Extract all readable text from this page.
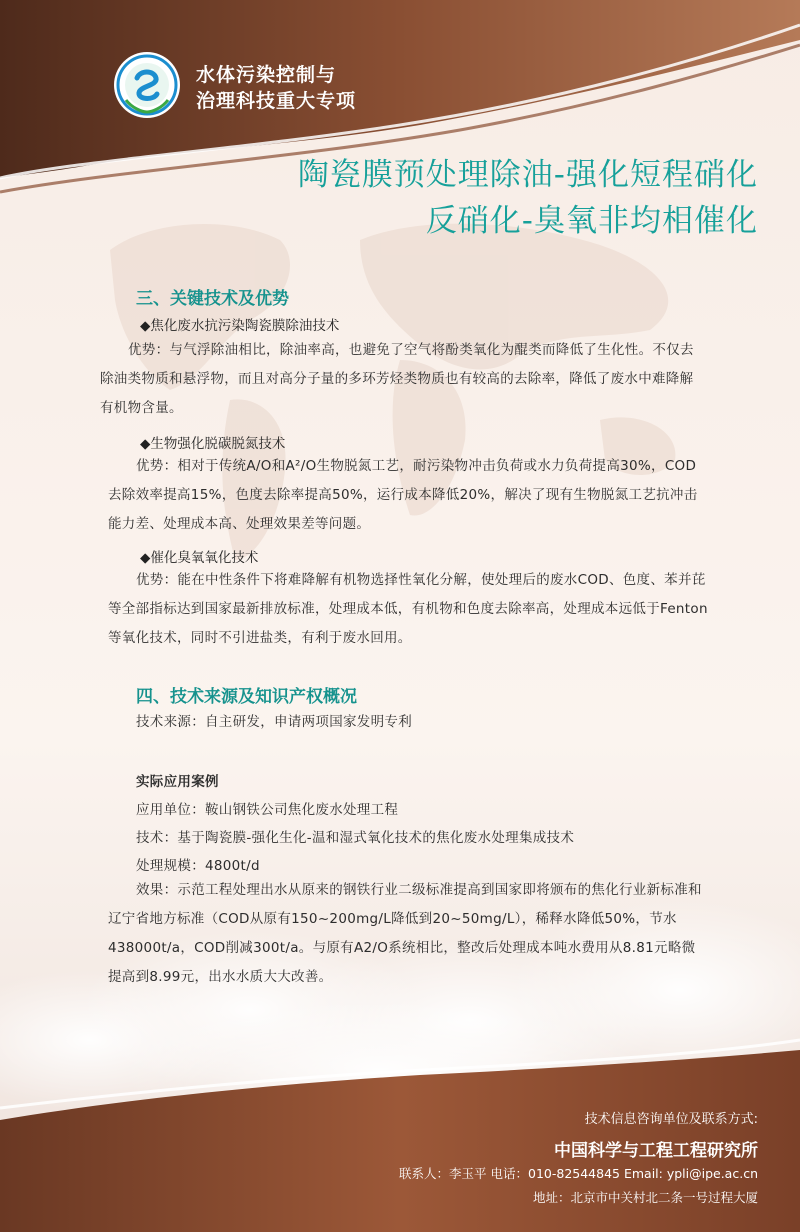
水体污染控制与
治理科技重大专项
陶瓷膜预处理除油-强化短程硝化
反硝化-臭氧非均相催化
三、关键技术及优势
◆焦化废水抗污染陶瓷膜除油技术
优势：与气浮除油相比，除油率高，也避免了空气将酚类氧化为醌类而降低了生化性。不仅去除油类物质和悬浮物，而且对高分子量的多环芳烃类物质也有较高的去除率，降低了废水中难降解有机物含量。
◆生物强化脱碳脱氮技术
优势：相对于传统A/O和A²/O生物脱氮工艺，耐污染物冲击负荷或水力负荷提高30%，COD去除效率提高15%，色度去除率提高50%，运行成本降低20%，解决了现有生物脱氮工艺抗冲击能力差、处理成本高、处理效果差等问题。
◆催化臭氧氧化技术
优势：能在中性条件下将难降解有机物选择性氧化分解，使处理后的废水COD、色度、苯并芘等全部指标达到国家最新排放标准，处理成本低，有机物和色度去除率高，处理成本远低于Fenton等氧化技术，同时不引进盐类，有利于废水回用。
四、技术来源及知识产权概况
技术来源：自主研发，申请两项国家发明专利
实际应用案例
应用单位：鞍山钢铁公司焦化废水处理工程
技术：基于陶瓷膜-强化生化-温和湿式氧化技术的焦化废水处理集成技术
处理规模：4800t/d
效果：示范工程处理出水从原来的钢铁行业二级标准提高到国家即将颁布的焦化行业新标准和辽宁省地方标准（COD从原有150~200mg/L降低到20~50mg/L），稀释水降低50%，节水438000t/a，COD削减300t/a。与原有A2/O系统相比，整改后处理成本吨水费用从8.81元略微提高到8.99元，出水水质大大改善。
技术信息咨询单位及联系方式:
中国科学与工程工程研究所
联系人：李玉平 电话：010-82544845 Email: ypli@ipe.ac.cn
地址：北京市中关村北二条一号过程大厦
